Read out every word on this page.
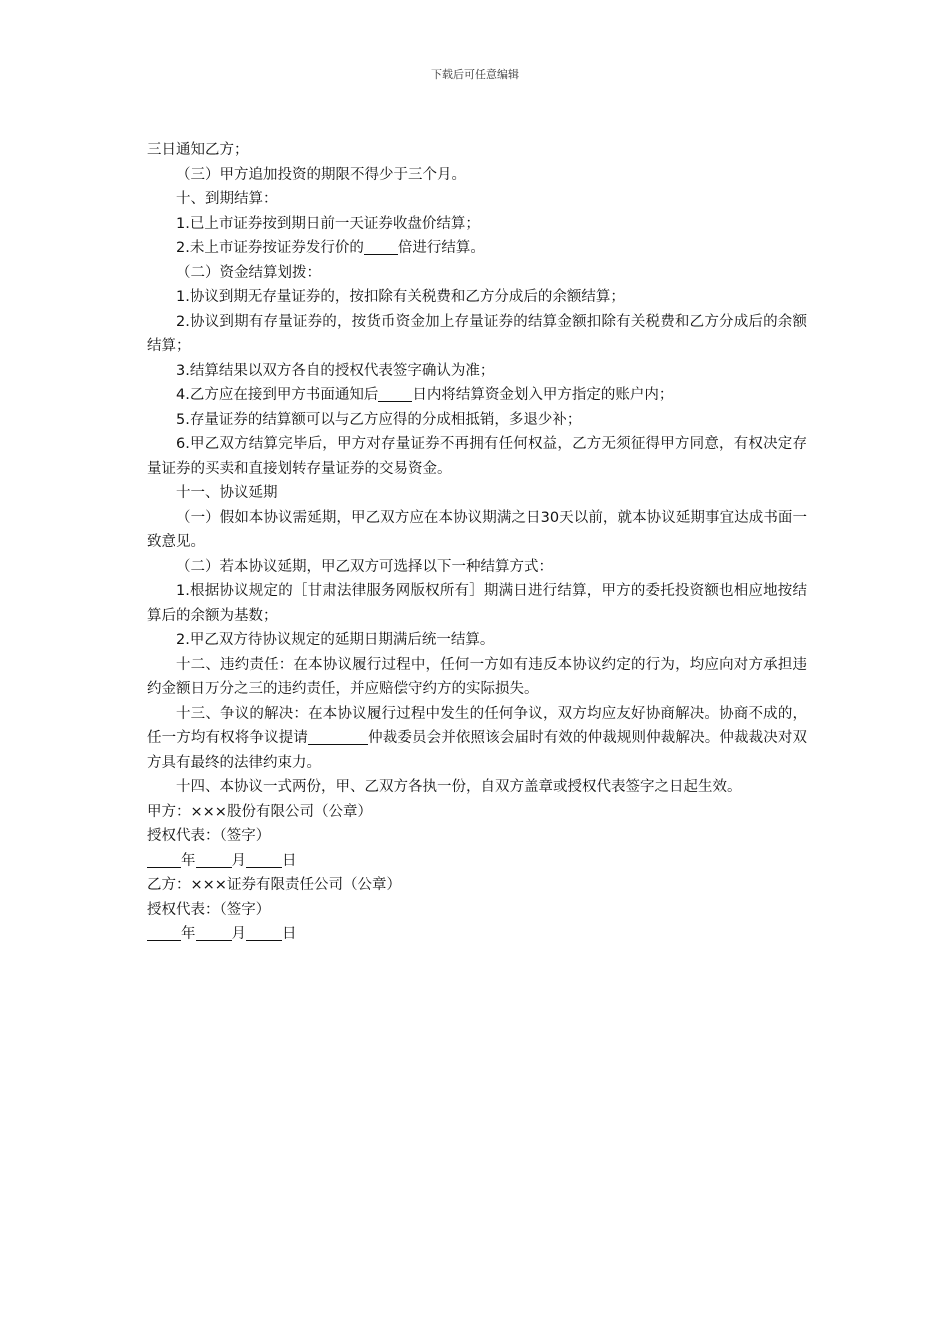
下载后可任意编辑

三日通知乙方；

（三）甲方追加投资的期限不得少于三个月。

十、到期结算：

1.已上市证券按到期日前一天证券收盘价结算；

2.未上市证券按证券发行价的 倍进行结算。

（二）资金结算划拨：

1.协议到期无存量证券的，按扣除有关税费和乙方分成后的余额结算；

2.协议到期有存量证券的，按货币资金加上存量证券的结算金额扣除有关税费和乙方分成后的余额结算；

3.结算结果以双方各自的授权代表签字确认为准；

4.乙方应在接到甲方书面通知后 日内将结算资金划入甲方指定的账户内；

5.存量证券的结算额可以与乙方应得的分成相抵销，多退少补；

6.甲乙双方结算完毕后，甲方对存量证券不再拥有任何权益，乙方无须征得甲方同意，有权决定存量证券的买卖和直接划转存量证券的交易资金。

十一、协议延期

（一）假如本协议需延期，甲乙双方应在本协议期满之日30天以前，就本协议延期事宜达成书面一致意见。

（二）若本协议延期，甲乙双方可选择以下一种结算方式：

1.根据协议规定的［甘肃法律服务网版权所有］期满日进行结算，甲方的委托投资额也相应地按结算后的余额为基数；

2.甲乙双方待协议规定的延期日期满后统一结算。

十二、违约责任：在本协议履行过程中，任何一方如有违反本协议约定的行为，均应向对方承担违约金额日万分之三的违约责任，并应赔偿守约方的实际损失。

十三、争议的解决：在本协议履行过程中发生的任何争议，双方均应友好协商解决。协商不成的，任一方均有权将争议提请	仲裁委员会并依照该会届时有效的仲裁规则仲裁解决。仲裁裁决对双方具有最终的法律约束力。

十四、本协议一式两份，甲、乙双方各执一份，自双方盖章或授权代表签字之日起生效。

甲方：×××股份有限公司（公章）

授权代表：（签字）

年 月 日

乙方：×××证券有限责任公司（公章）

授权代表：（签字）

年 月 日
